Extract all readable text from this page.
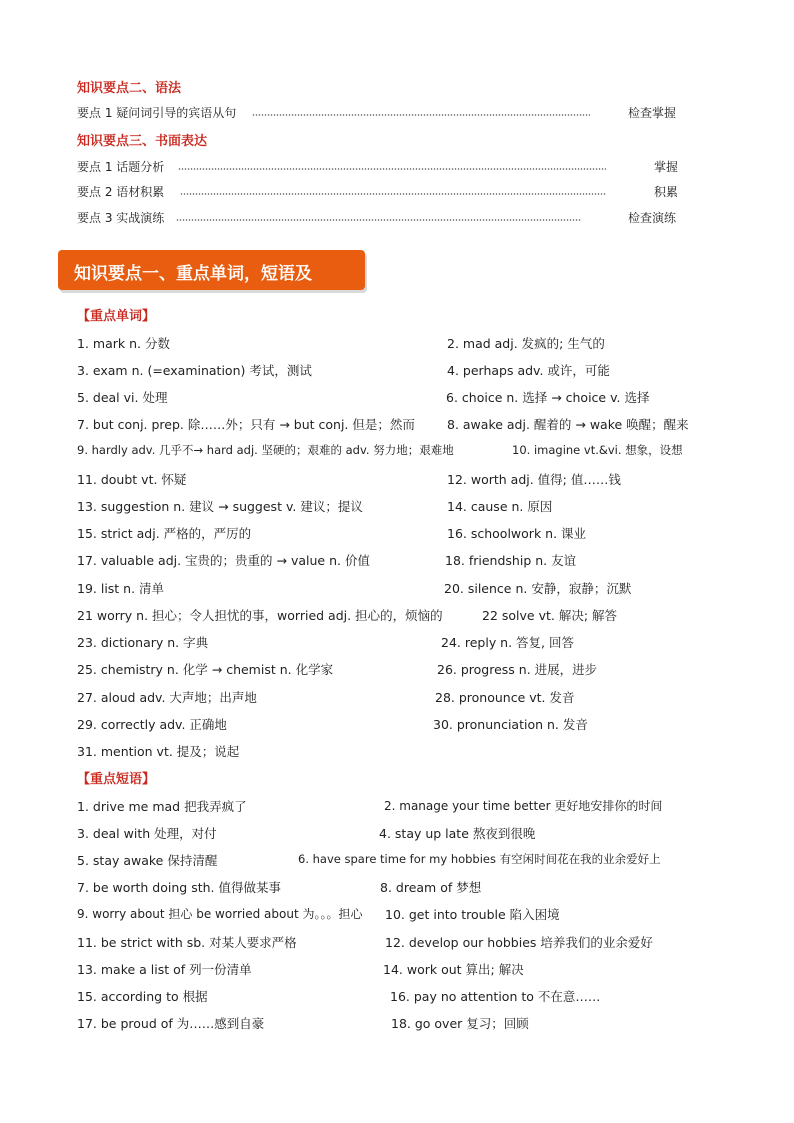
知识要点二、语法
要点 1 疑问词引导的宾语从句	检查掌握
知识要点三、书面表达
要点 1 话题分析	掌握
要点 2 语材积累	积累
要点 3 实战演练	检查演练
知识要点一、重点单词，短语及
【重点单词】
1. mark n. 分数	2. mad adj. 发疯的; 生气的
3. exam n. (=examination) 考试，测试	4. perhaps adv. 或许，可能
5. deal vi. 处理	6. choice n. 选择 → choice v. 选择
7. but conj. prep. 除……外；只有 → but conj. 但是；然而	8. awake adj. 醒着的 → wake 唤醒；醒来
9. hardly adv. 几乎不→ hard adj. 坚硬的；艰难的 adv. 努力地；艰难地	10. imagine vt.&vi. 想象，设想
11. doubt vt. 怀疑	12. worth adj. 值得; 值……钱
13. suggestion n. 建议 → suggest v. 建议；提议	14. cause n. 原因
15. strict adj. 严格的，严厉的	16. schoolwork n. 课业
17. valuable adj. 宝贵的；贵重的 → value n. 价值	18. friendship n. 友谊
19. list n. 清单	20. silence n. 安静，寂静；沉默
21 worry n. 担心；令人担忧的事，worried adj. 担心的，烦恼的	22 solve vt. 解决; 解答
23. dictionary n. 字典	24. reply n. 答复, 回答
25. chemistry n. 化学 → chemist n. 化学家	26. progress n. 进展，进步
27. aloud adv. 大声地；出声地	28. pronounce vt. 发音
29. correctly adv. 正确地	30. pronunciation n. 发音
31. mention vt. 提及；说起
【重点短语】
1. drive me mad 把我弄疯了	2. manage your time better 更好地安排你的时间
3. deal with 处理，对付	4. stay up late 熬夜到很晚
5. stay awake 保持清醒	6. have spare time for my hobbies 有空闲时间花在我的业余爱好上
7. be worth doing sth. 值得做某事	8. dream of 梦想
9. worry about 担心 be worried about 为。。。担心 10. get into trouble 陷入困境
11. be strict with sb. 对某人要求严格	12. develop our hobbies 培养我们的业余爱好
13. make a list of 列一份清单	14. work out 算出; 解决
15. according to 根据	16. pay no attention to 不在意……
17. be proud of 为……感到自豪	18. go over 复习；回顾
